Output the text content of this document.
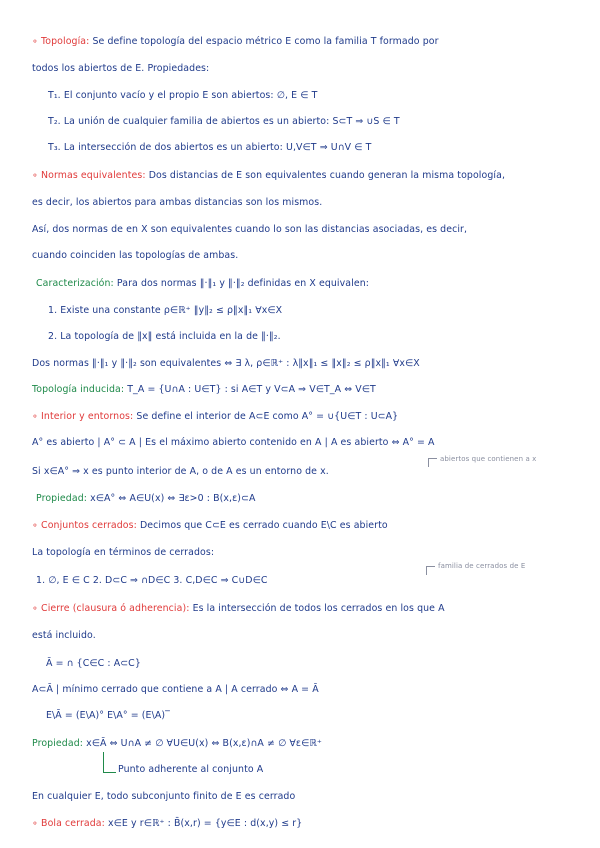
∘ Topología: Se define topología del espacio métrico E como la familia T formado por
todos los abiertos de E. Propiedades:
T₁. El conjunto vacío y el propio E son abiertos: ∅, E ∈ T
T₂. La unión de cualquier familia de abiertos es un abierto: S⊂T ⇒ ∪S ∈ T
T₃. La intersección de dos abiertos es un abierto: U,V∈T ⇒ U∩V ∈ T
∘ Normas equivalentes: Dos distancias de E son equivalentes cuando generan la misma topología,
es decir, los abiertos para ambas distancias son los mismos.
Así, dos normas de en X son equivalentes cuando lo son las distancias asociadas, es decir,
cuando coinciden las topologías de ambas.
Caracterización: Para dos normas ‖·‖₁ y ‖·‖₂ definidas en X equivalen:
1. Existe una constante ρ∈ℝ⁺ ‖y‖₂ ≤ ρ‖x‖₁ ∀x∈X
2. La topología de ‖x‖ está incluida en la de ‖·‖₂.
Dos normas ‖·‖₁ y ‖·‖₂ son equivalentes ⇔ ∃ λ, ρ∈ℝ⁺ : λ‖x‖₁ ≤ ‖x‖₂ ≤ ρ‖x‖₁ ∀x∈X
Topología inducida: T_A = {U∩A : U∈T} : si A∈T y V⊂A ⇒ V∈T_A ⇔ V∈T
∘ Interior y entornos: Se define el interior de A⊂E como A° = ∪{U∈T : U⊂A}
A° es abierto | A° ⊂ A | Es el máximo abierto contenido en A | A es abierto ⇔ A° = A
abiertos que contienen a x
Si x∈A° ⇒ x es punto interior de A, o de A es un entorno de x.
Propiedad: x∈A° ⇔ A∈U(x) ⇔ ∃ε>0 : B(x,ε)⊂A
∘ Conjuntos cerrados: Decimos que C⊂E es cerrado cuando E\C es abierto
La topología en términos de cerrados:
familia de cerrados de E
1. ∅, E ∈ C 2. D⊂C ⇒ ∩D∈C 3. C,D∈C ⇒ C∪D∈C
∘ Cierre (clausura ó adherencia): Es la intersección de todos los cerrados en los que A
está incluido.
Ā = ∩ {C∈C : A⊂C}
A⊂Ā | mínimo cerrado que contiene a A | A cerrado ⇔ A = Ā
E\Ā = (E\A)° E\A° = (E\A)‾
Propiedad: x∈Ā ⇔ U∩A ≠ ∅ ∀U∈U(x) ⇔ B(x,ε)∩A ≠ ∅ ∀ε∈ℝ⁺
Punto adherente al conjunto A
En cualquier E, todo subconjunto finito de E es cerrado
∘ Bola cerrada: x∈E y r∈ℝ⁺ : B̄(x,r) = {y∈E : d(x,y) ≤ r}
